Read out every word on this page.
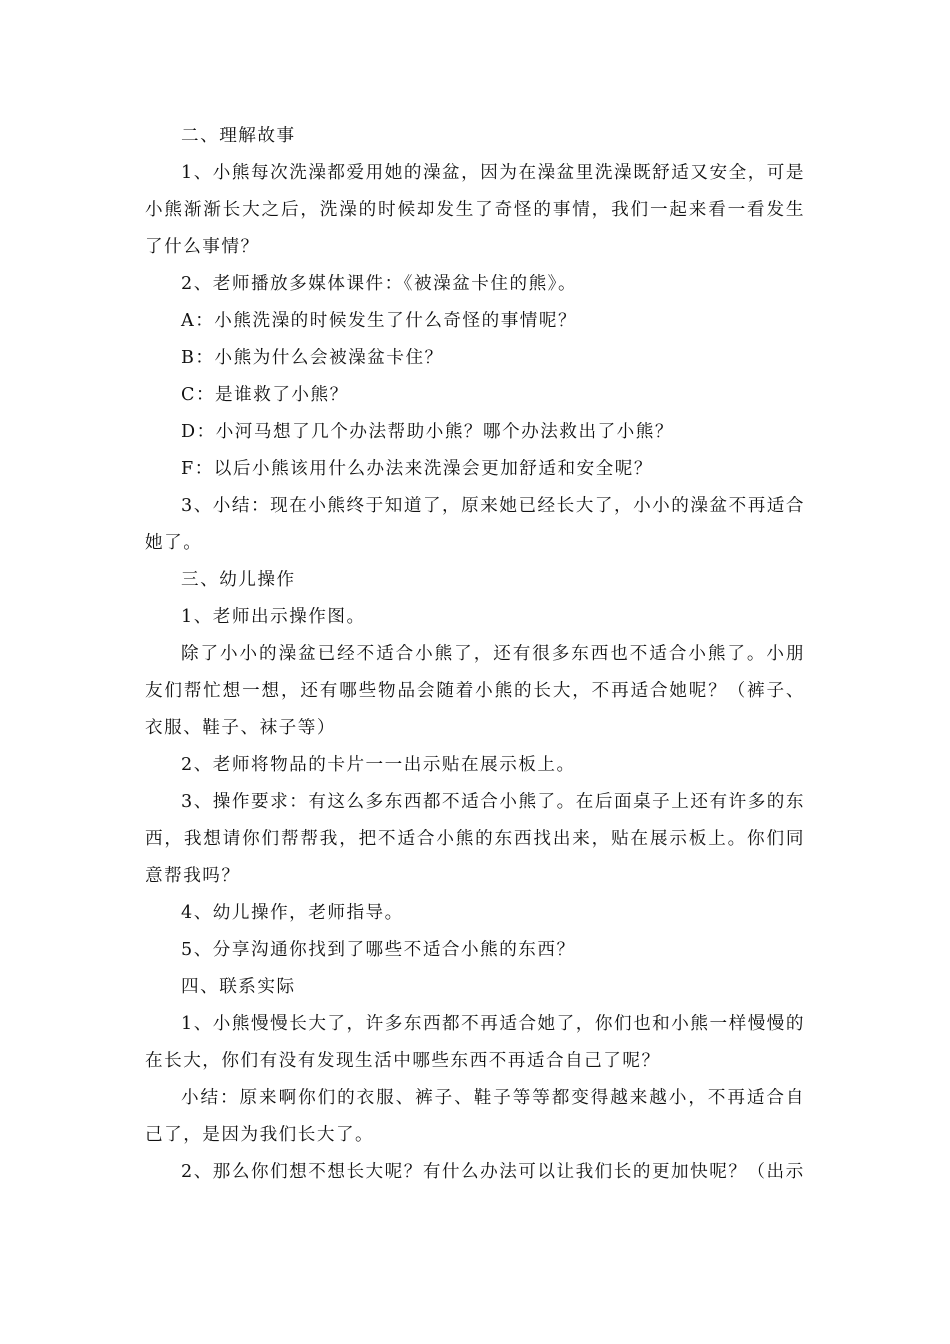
二、理解故事

1、小熊每次洗澡都爱用她的澡盆，因为在澡盆里洗澡既舒适又安全，可是小熊渐渐长大之后，洗澡的时候却发生了奇怪的事情，我们一起来看一看发生了什么事情？

2、老师播放多媒体课件：《被澡盆卡住的熊》。

A：小熊洗澡的时候发生了什么奇怪的事情呢？

B：小熊为什么会被澡盆卡住？

C：是谁救了小熊？

D：小河马想了几个办法帮助小熊？哪个办法救出了小熊？

F：以后小熊该用什么办法来洗澡会更加舒适和安全呢？

3、小结：现在小熊终于知道了，原来她已经长大了，小小的澡盆不再适合她了。

三、幼儿操作

1、老师出示操作图。

除了小小的澡盆已经不适合小熊了，还有很多东西也不适合小熊了。小朋友们帮忙想一想，还有哪些物品会随着小熊的长大，不再适合她呢？（裤子、衣服、鞋子、袜子等）

2、老师将物品的卡片一一出示贴在展示板上。

3、操作要求：有这么多东西都不适合小熊了。在后面桌子上还有许多的东西，我想请你们帮帮我，把不适合小熊的东西找出来，贴在展示板上。你们同意帮我吗？

4、幼儿操作，老师指导。

5、分享沟通你找到了哪些不适合小熊的东西？

四、联系实际

1、小熊慢慢长大了，许多东西都不再适合她了，你们也和小熊一样慢慢的在长大，你们有没有发现生活中哪些东西不再适合自己了呢？

小结：原来啊你们的衣服、裤子、鞋子等等都变得越来越小，不再适合自己了，是因为我们长大了。

2、那么你们想不想长大呢？有什么办法可以让我们长的更加快呢？（出示
